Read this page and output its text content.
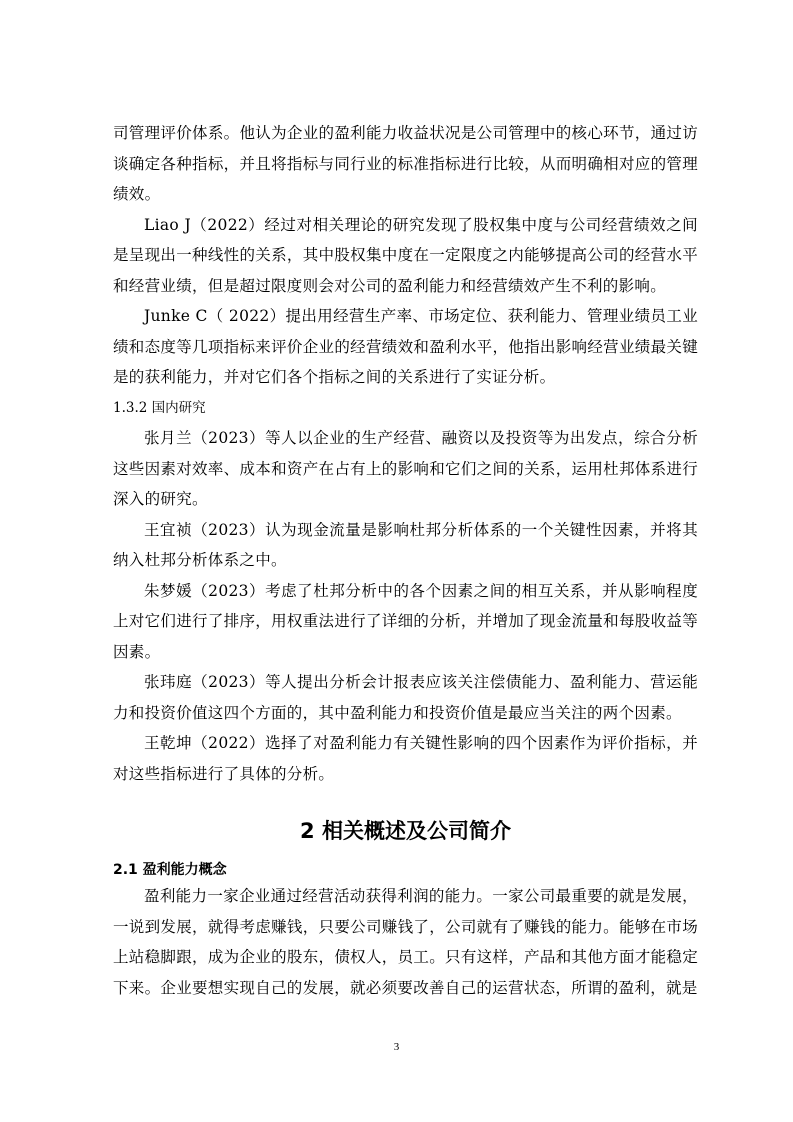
司管理评价体系。他认为企业的盈利能力收益状况是公司管理中的核心环节，通过访谈确定各种指标，并且将指标与同行业的标准指标进行比较，从而明确相对应的管理绩效。

Liao J（2022）经过对相关理论的研究发现了股权集中度与公司经营绩效之间是呈现出一种线性的关系，其中股权集中度在一定限度之内能够提高公司的经营水平和经营业绩，但是超过限度则会对公司的盈利能力和经营绩效产生不利的影响。

Junke C（ 2022）提出用经营生产率、市场定位、获利能力、管理业绩员工业绩和态度等几项指标来评价企业的经营绩效和盈利水平，他指出影响经营业绩最关键是的获利能力，并对它们各个指标之间的关系进行了实证分析。

1.3.2 国内研究

张月兰（2023）等人以企业的生产经营、融资以及投资等为出发点，综合分析这些因素对效率、成本和资产在占有上的影响和它们之间的关系，运用杜邦体系进行深入的研究。

王宜祯（2023）认为现金流量是影响杜邦分析体系的一个关键性因素，并将其纳入杜邦分析体系之中。

朱梦媛（2023）考虑了杜邦分析中的各个因素之间的相互关系，并从影响程度上对它们进行了排序，用权重法进行了详细的分析，并增加了现金流量和每股收益等因素。

张玮庭（2023）等人提出分析会计报表应该关注偿债能力、盈利能力、营运能力和投资价值这四个方面的，其中盈利能力和投资价值是最应当关注的两个因素。

王乾坤（2022）选择了对盈利能力有关键性影响的四个因素作为评价指标，并对这些指标进行了具体的分析。

2 相关概述及公司简介
2.1 盈利能力概念

盈利能力一家企业通过经营活动获得利润的能力。一家公司最重要的就是发展，一说到发展，就得考虑赚钱，只要公司赚钱了，公司就有了赚钱的能力。能够在市场上站稳脚跟，成为企业的股东，债权人，员工。只有这样，产品和其他方面才能稳定下来。企业要想实现自己的发展，就必须要改善自己的运营状态，所谓的盈利，就是

3
